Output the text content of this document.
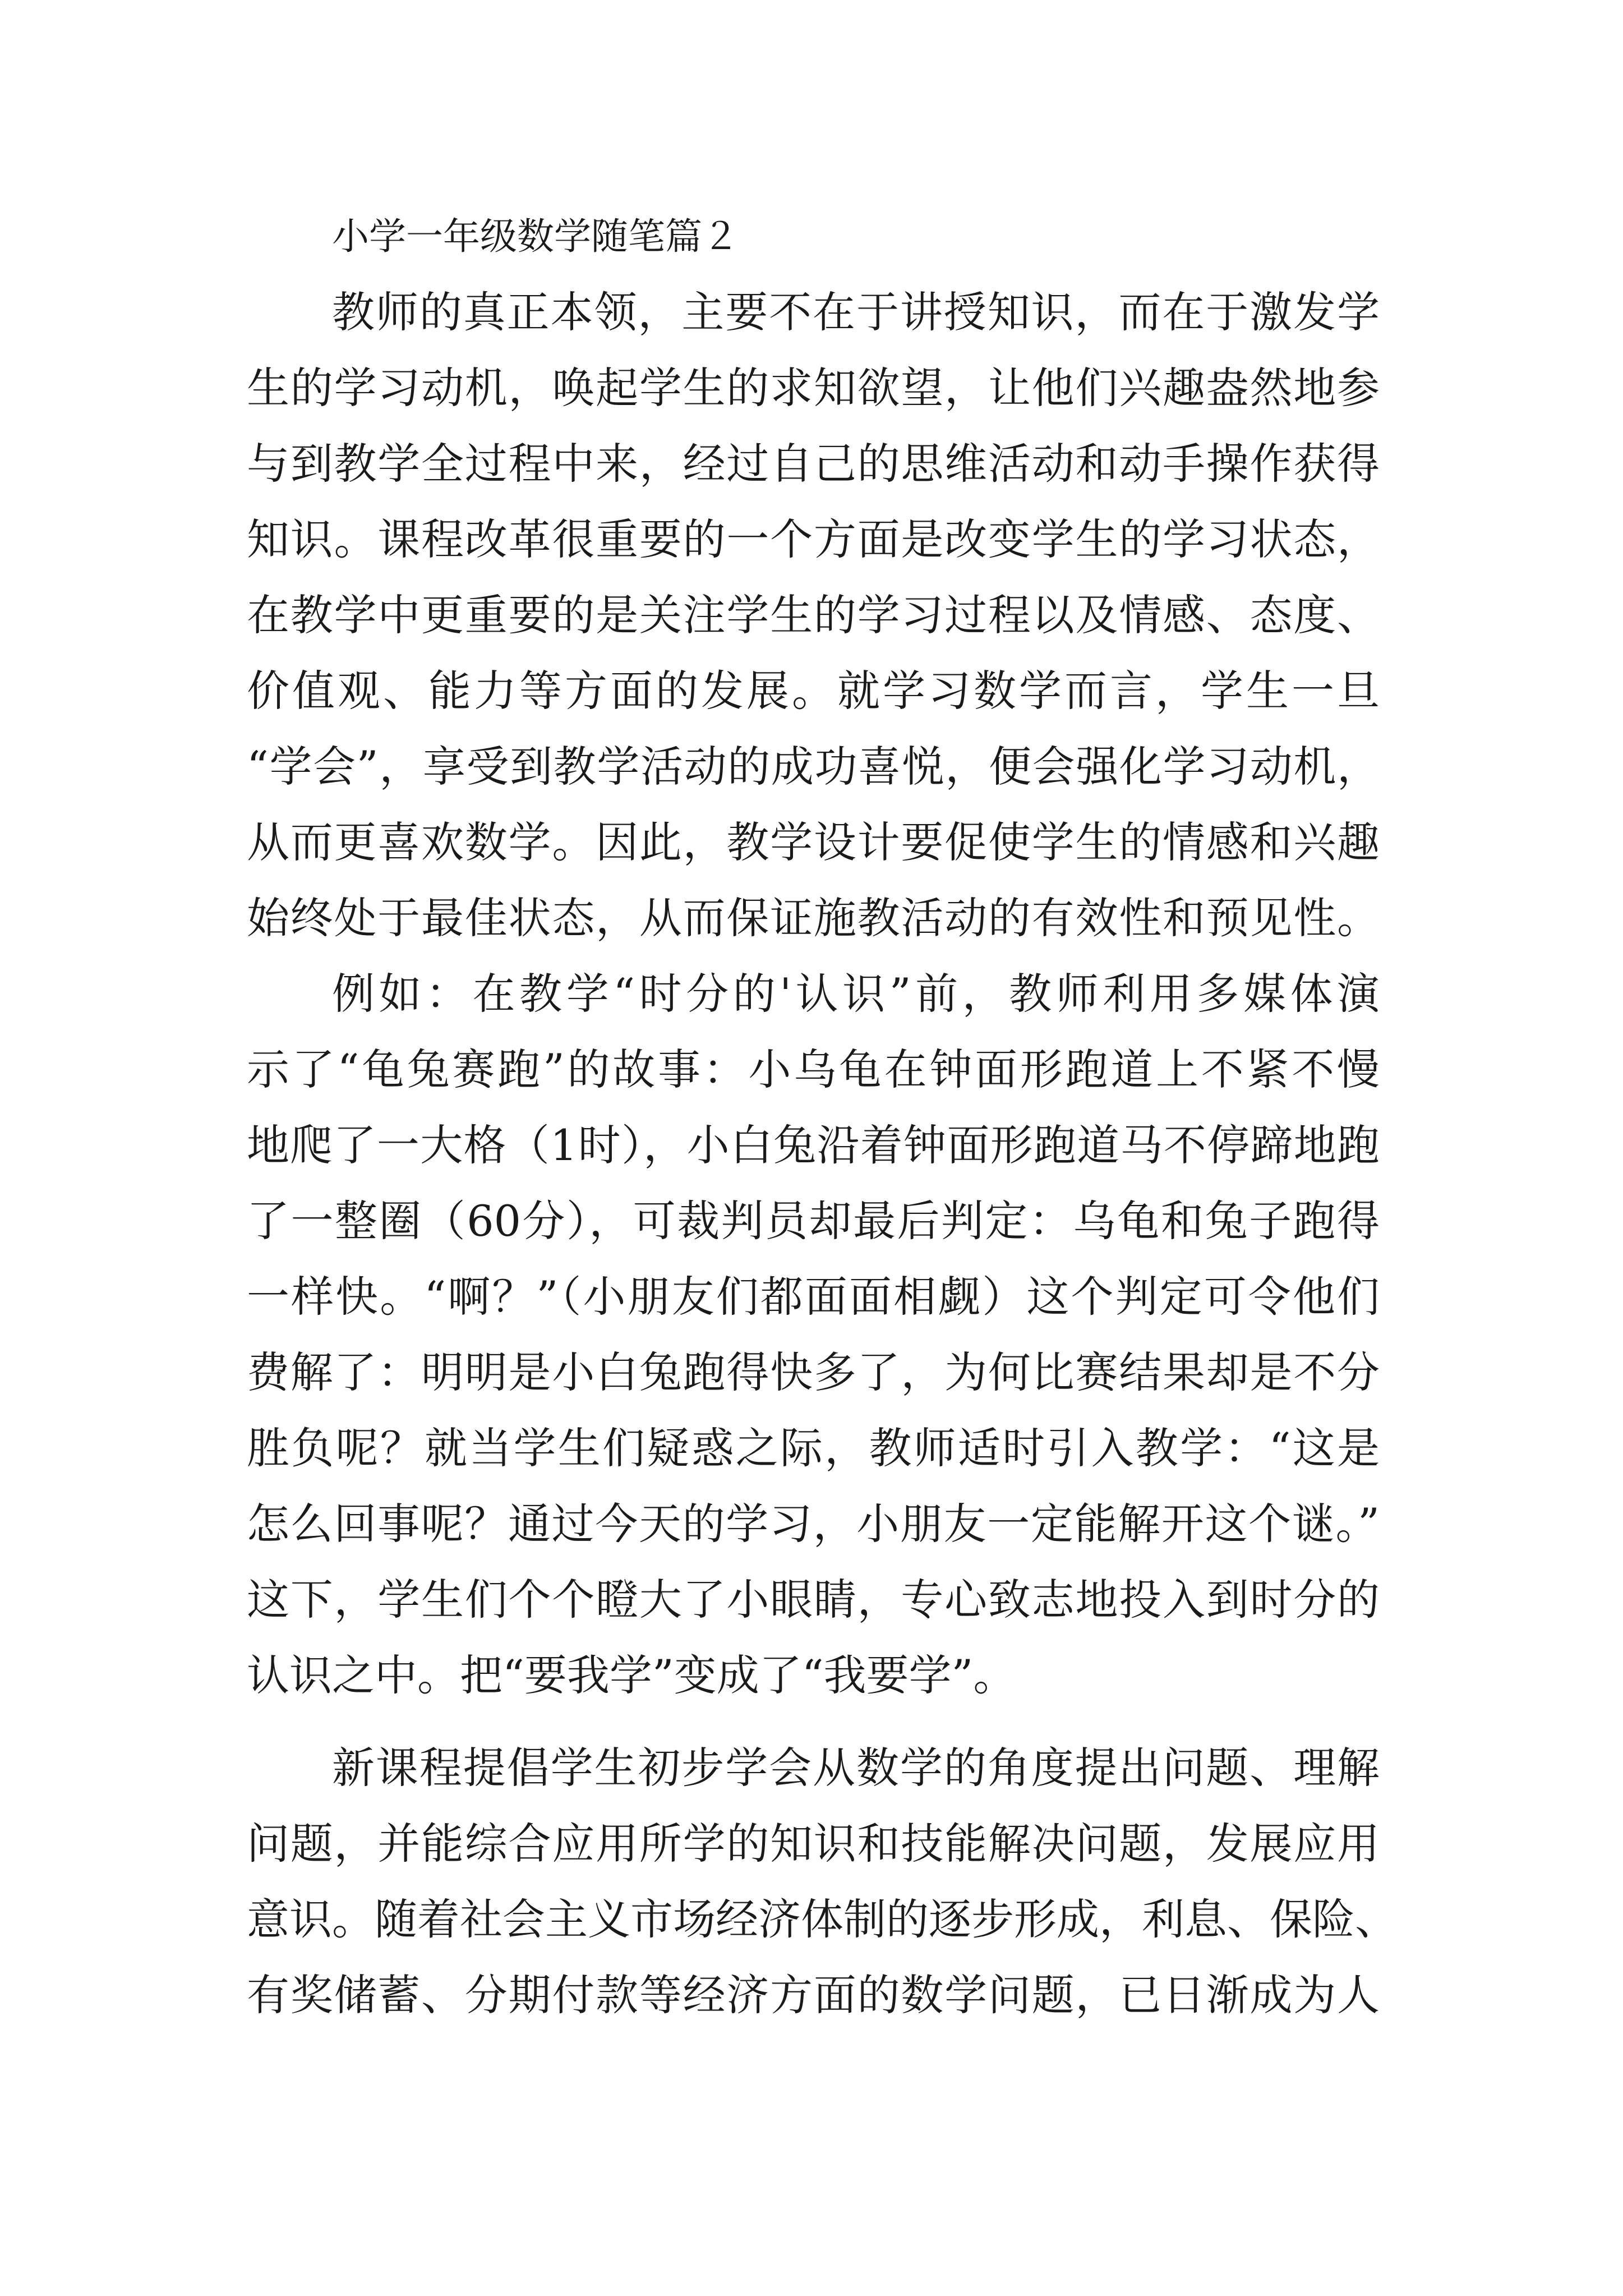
小学一年级数学随笔篇２
教师的真正本领，主要不在于讲授知识，而在于激发学
生的学习动机，唤起学生的求知欲望，让他们兴趣盎然地参
与到教学全过程中来，经过自己的思维活动和动手操作获得
知识。课程改革很重要的一个方面是改变学生的学习状态，
在教学中更重要的是关注学生的学习过程以及情感、态度、
价值观、能力等方面的发展。就学习数学而言，学生一旦
“学会”，享受到教学活动的成功喜悦，便会强化学习动机，
从而更喜欢数学。因此，教学设计要促使学生的情感和兴趣
始终处于最佳状态，从而保证施教活动的有效性和预见性。
例如：在教学“时分的'认识”前，教师利用多媒体演
示了“龟兔赛跑”的故事：小乌龟在钟面形跑道上不紧不慢
地爬了一大格（1时），小白兔沿着钟面形跑道马不停蹄地跑
了一整圈（60分），可裁判员却最后判定：乌龟和兔子跑得
一样快。“啊？”（小朋友们都面面相觑）这个判定可令他们
费解了：明明是小白兔跑得快多了，为何比赛结果却是不分
胜负呢？就当学生们疑惑之际，教师适时引入教学：“这是
怎么回事呢？通过今天的学习，小朋友一定能解开这个谜。”
这下，学生们个个瞪大了小眼睛，专心致志地投入到时分的
认识之中。把“要我学”变成了“我要学”。
新课程提倡学生初步学会从数学的角度提出问题、理解
问题，并能综合应用所学的知识和技能解决问题，发展应用
意识。随着社会主义市场经济体制的逐步形成，利息、保险、
有奖储蓄、分期付款等经济方面的数学问题，已日渐成为人
